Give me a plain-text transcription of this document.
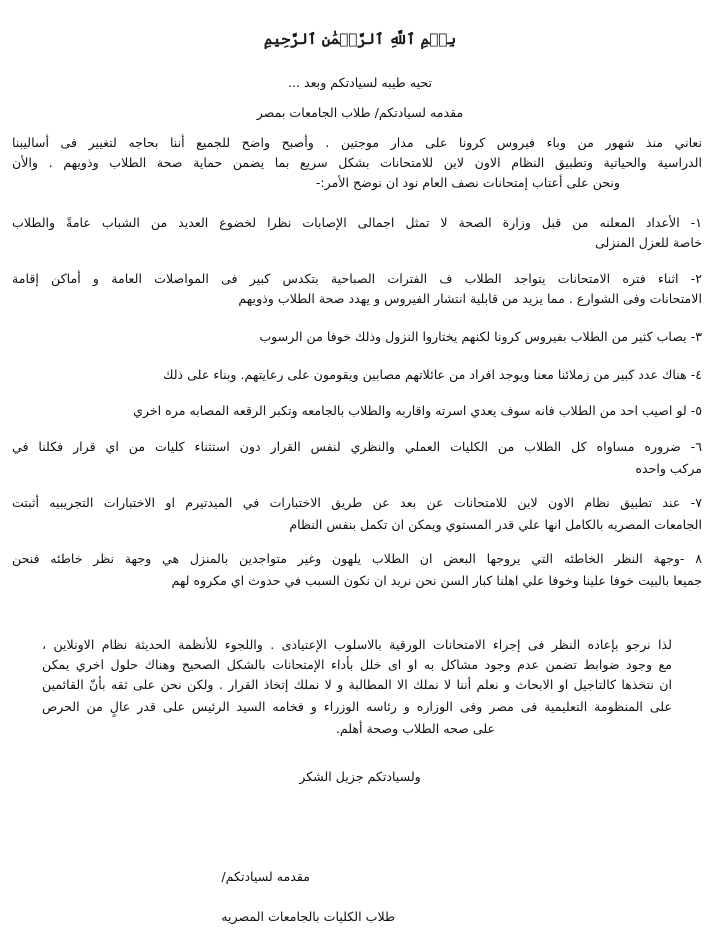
بِسۡمِ ٱللَّهِ ٱلرَّحۡمَٰنِ ٱلرَّحِيمِ
تحيه طيبه لسيادتكم وبعد ...
مقدمه لسيادتكم/ طلاب الجامعات بمصر
نعاني منذ شهور من وباء فيروس كرونا على مدار موجتين . وأصبح واضح للجميع أننا بحاجه لتغيير فى أساليبنا
الدراسية والحياتية وتطبيق النظام الاون لاين للامتحانات بشكل سريع بما يضمن حماية صحة الطلاب وذويهم . والأن
ونحن على أعتاب إمتحانات نصف العام نود ان نوضح الأمر:-
١- الأعداد المعلنه من قبل وزارة الصحة لا تمثل اجمالى الإصابات نظرا لخضوع العديد من الشباب عامةً والطلاب
خاصة للعزل المنزلى
٢- اثناء فتره الامتحانات يتواجد الطلاب ف الفترات الصباحية بتكدس كبير فى المواصلات العامة و أماكن إقامة
الامتحانات وفى الشوارع . مما يزيد من قابلية انتشار الفيروس و يهدد صحة الطلاب وذويهم
٣- يصاب كثير من الطلاب بفيروس كرونا لكنهم يختاروا النزول وذلك خوفا من الرسوب
٤- هناك عدد كبير من زملائنا معنا ويوجد افراد من عائلاتهم مصابين ويقومون على رعايتهم. وبناء على ذلك
٥- لو اصيب احد من الطلاب فانه سوف يعدي اسرته واقاربه والطلاب بالجامعه وتكبر الرقعه المصابه مره اخري
٦- ضروره مساواه كل الطلاب من الكليات العملي والنظري لنفس القرار دون استثناء كليات من اي قرار فكلنا في
مركب واحده
٧- عند تطبيق نظام الاون لاين للامتحانات عن بعد عن طريق الاختبارات في الميدتيرم او الاختبارات التجريبيه أثبتت
الجامعات المصريه بالكامل انها علي قدر المستوي ويمكن ان تكمل بنفس النظام
٨ -وجهة النظر الخاطئه التي يروجها البعض ان الطلاب يلهون وغير متواجدين بالمنزل هي وجهة نظر خاطئه فنحن
جميعا بالبيت خوفا علينا وخوفا علي اهلنا كبار السن نحن نريد ان نكون السبب في حدوث اي مكروه لهم
لذا نرجو بإعاده النظر فى إجراء الامتحانات الورقية بالاسلوب الإعتيادى . واللجوء للأنظمة الحديثة نظام الاونلاين ،
مع وجود ضوابط تضمن عدم وجود مشاكل به او اى خلل بأداء الإمتحانات بالشكل الصحيح وهناك حلول اخري يمكن
ان نتخذها كالتاجيل او الابحاث و نعلم أننا لا نملك الا المطالبة و لا نملك إتخاذ القرار . ولكن نحن على ثقه بأنّ القائمين
على المنظومة التعليمية فى مصر وفى الوزاره و رئاسه الوزراء و فخامه السيد الرئيس على قدر عالٍ من الحرص
على صحه الطلاب وصحة أهلم.
ولسيادتكم جزيل الشكر
مقدمه لسيادتكم/
طلاب الكليات بالجامعات المصريه
